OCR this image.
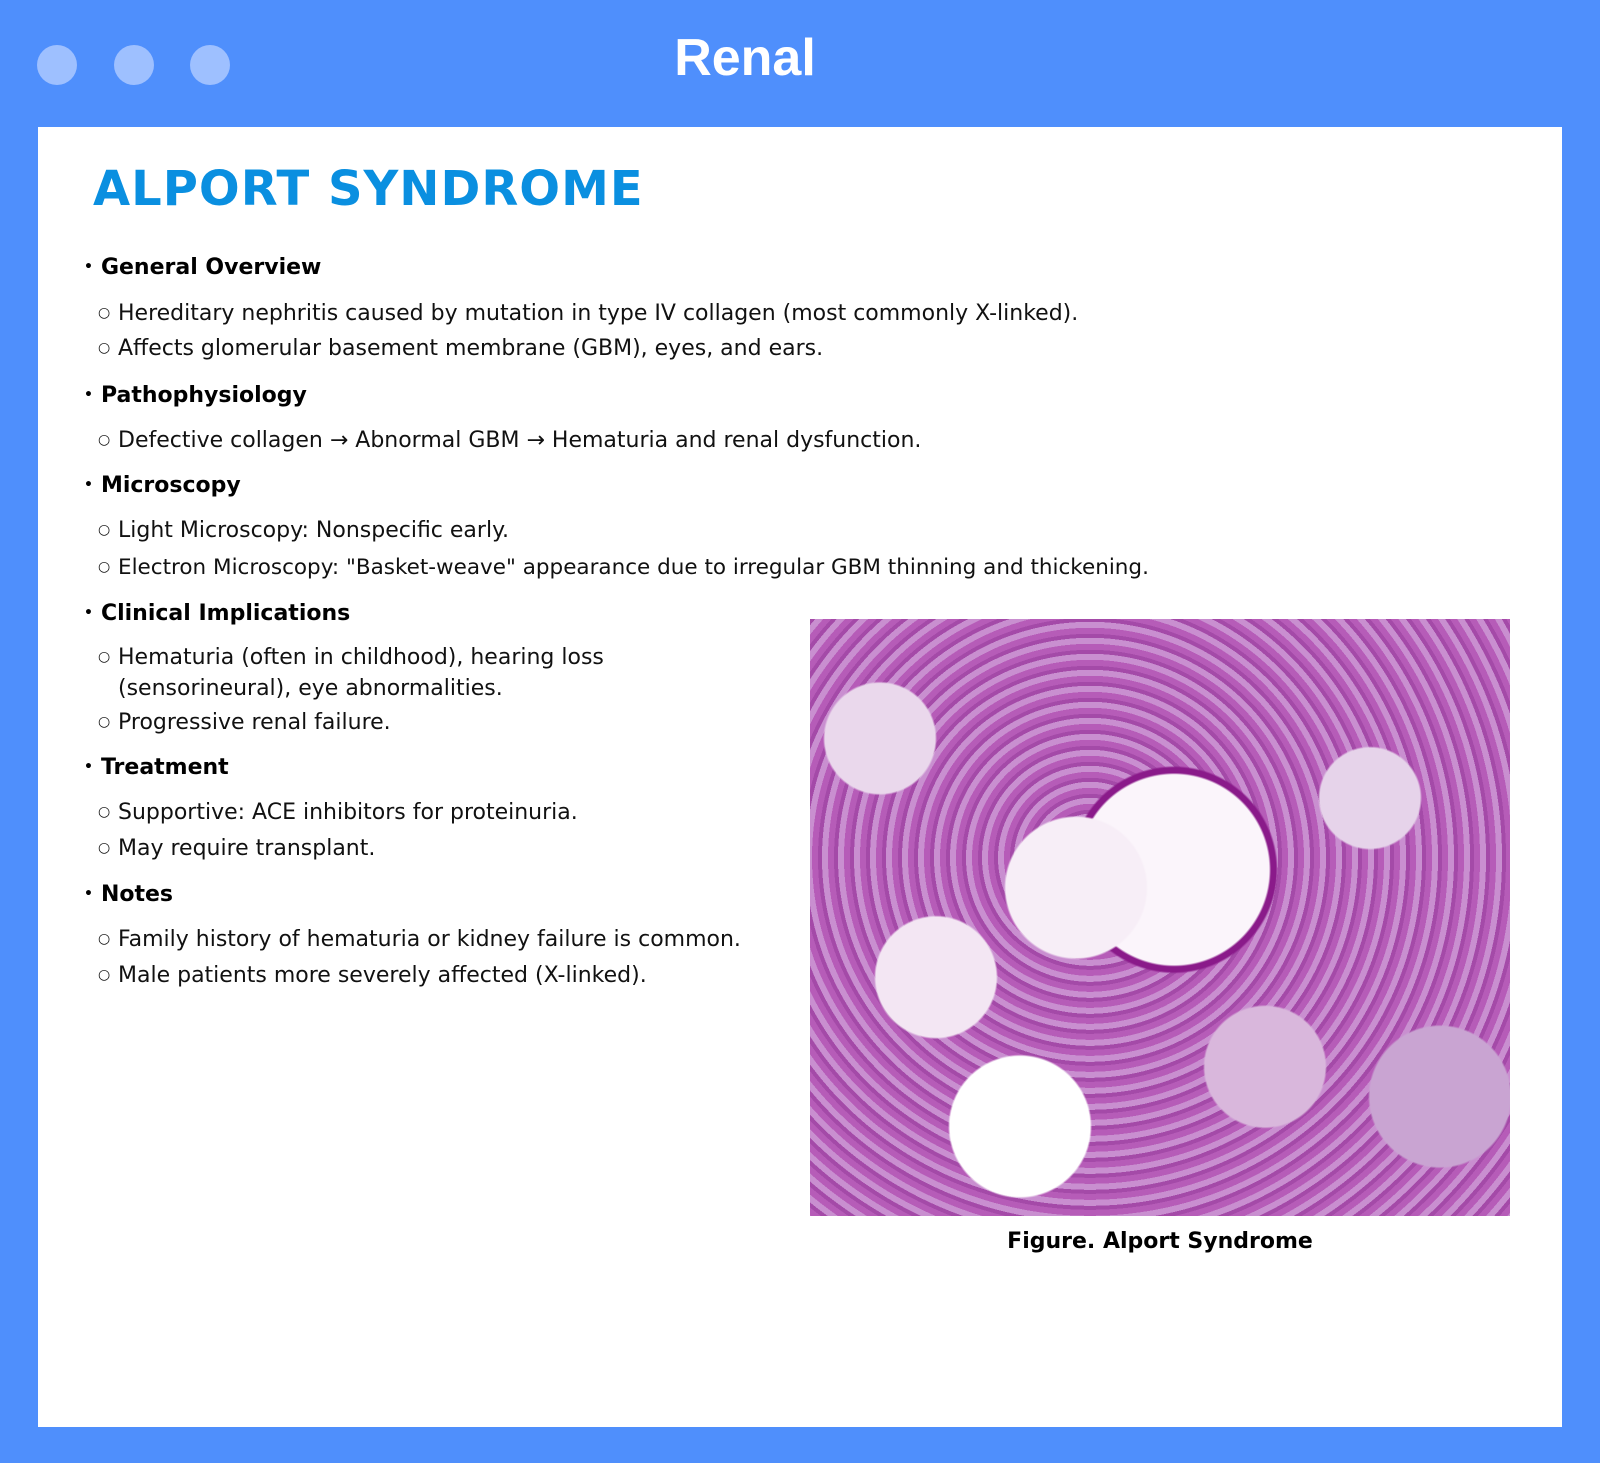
Renal
ALPORT SYNDROME
• General Overview
○ Hereditary nephritis caused by mutation in type IV collagen (most commonly X-linked).
○ Affects glomerular basement membrane (GBM), eyes, and ears.
• Pathophysiology
○ Defective collagen → Abnormal GBM → Hematuria and renal dysfunction.
• Microscopy
○ Light Microscopy: Nonspecific early.
○ Electron Microscopy: "Basket-weave" appearance due to irregular GBM thinning and thickening.
• Clinical Implications
○ Hematuria (often in childhood), hearing loss
(sensorineural), eye abnormalities.
○ Progressive renal failure.
• Treatment
○ Supportive: ACE inhibitors for proteinuria.
○ May require transplant.
• Notes
○ Family history of hematuria or kidney failure is common.
○ Male patients more severely affected (X-linked).
Figure. Alport Syndrome
